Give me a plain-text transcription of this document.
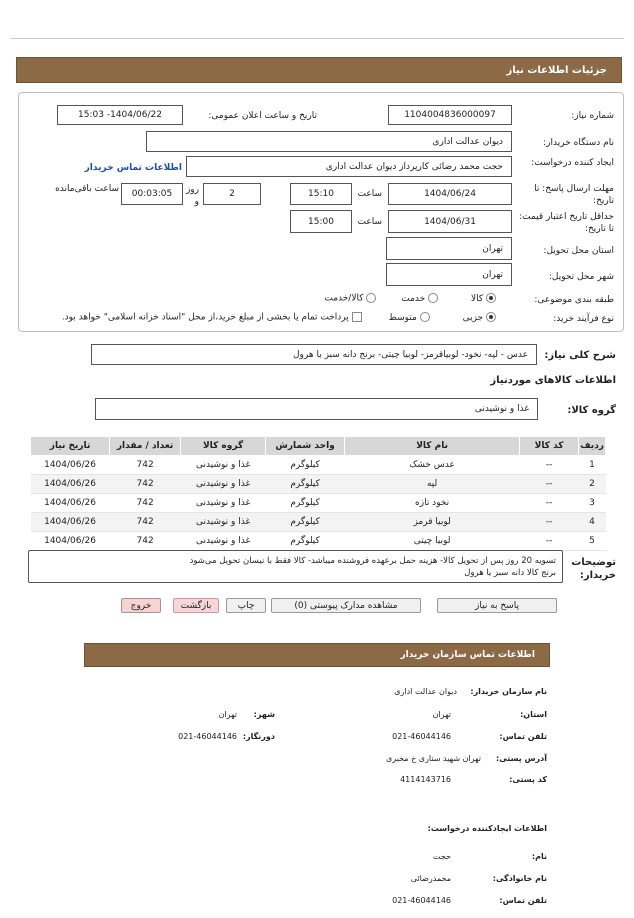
جزئیات اطلاعات نیاز
شماره نیاز:
1104004836000097
تاریخ و ساعت اعلان عمومی:
1404/06/22- 15:03
نام دستگاه خریدار:
دیوان عدالت اداری
ایجاد کننده درخواست:
حجت محمد رضائی کارپرداز دیوان عدالت اداری
اطلاعات تماس خریدار
مهلت ارسال پاسخ: تا تاریخ:
1404/06/24
ساعت
15:10
2
روز و
00:03:05
ساعت باقی‌مانده
حداقل تاریخ اعتبار قیمت: تا تاریخ:
1404/06/31
ساعت
15:00
استان محل تحویل:
تهران
شهر محل تحویل:
تهران
طبقه بندی موضوعی:
کالا  خدمت  کالا/خدمت
نوع فرآیند خرید:
جزیی  متوسط  پرداخت تمام یا بخشی از مبلغ خرید،از محل "اسناد خزانه اسلامی" خواهد بود.
شرح کلی نیاز:
عدس - لپه- نخود- لوبیاقرمز- لوبیا چیتی- برنج دانه سبز یا هرول
اطلاعات کالاهای موردنیاز
گروه کالا:
غذا و نوشیدنی
ردیف	کد کالا	نام کالا	واحد شمارش	گروه کالا	تعداد / مقدار	تاریخ نیاز
1	--	عدس خشک	کیلوگرم	غذا و نوشیدنی	742	1404/06/26
2	--	لپه	کیلوگرم	غذا و نوشیدنی	742	1404/06/26
3	--	نخود تازه	کیلوگرم	غذا و نوشیدنی	742	1404/06/26
4	--	لوبیا قرمز	کیلوگرم	غذا و نوشیدنی	742	1404/06/26
5	--	لوبیا چیتی	کیلوگرم	غذا و نوشیدنی	742	1404/06/26
توضیحات خریدار:
تسویه 20 روز پس از تحویل کالا- هزینه حمل برعهده فروشنده میباشد- کالا فقط با نیسان تحویل می‌شود
برنج کالا دانه سبز یا هرول
پاسخ به نیاز
مشاهده مدارک پیوستی (0)
چاپ
بازگشت
خروج
اطلاعات تماس سازمان خریدار
نام سازمان خریدار:
دیوان عدالت اداری
استان:
تهران
شهر:
تهران
تلفن تماس:
021-46044146
دورنگار:
021-46044146
آدرس پستی:
تهران شهید ستاری خ مخبری
کد پستی:
4114143716
اطلاعات ایجادکننده درخواست:
نام:
حجت
نام خانوادگی:
محمدرضائی
تلفن تماس:
021-46044146
